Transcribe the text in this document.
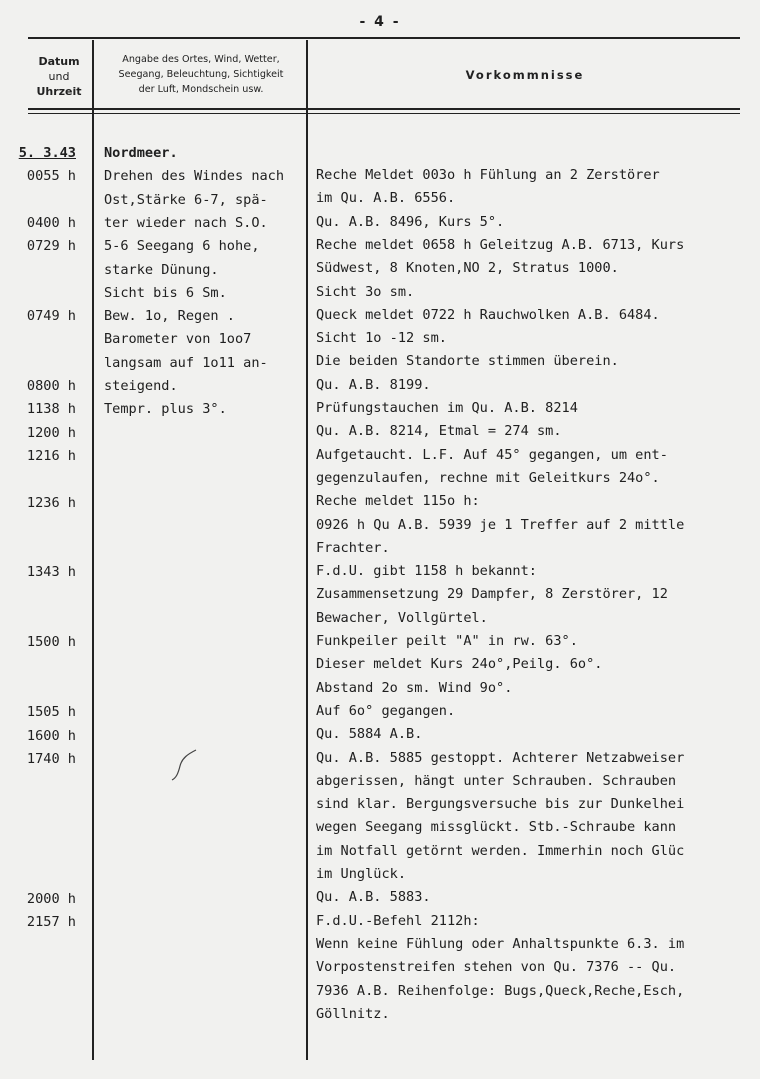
- 4 -
Datum
und
Uhrzeit
Angabe des Ortes, Wind, Wetter,
Seegang, Beleuchtung, Sichtigkeit
der Luft, Mondschein usw.
Vorkommnisse
5. 3.43
0055 h
0400 h
0729 h
0749 h
0800 h
1138 h
1200 h
1216 h
1236 h
1343 h
1500 h
1505 h
1600 h
1740 h
2000 h
2157 h
Nordmeer.
Drehen des Windes nach
Ost,Stärke 6-7, spä-
ter wieder nach S.O.
5-6 Seegang 6 hohe,
starke Dünung.
Sicht bis 6 Sm.
Bew. 1o, Regen .
Barometer von 1oo7
langsam auf 1o11 an-
steigend.
Tempr. plus 3°.
Reche Meldet 003o h Fühlung an 2 Zerstörer
im Qu. A.B. 6556.
Qu. A.B. 8496, Kurs 5°.
Reche meldet 0658 h Geleitzug A.B. 6713, Kurs
Südwest, 8 Knoten,NO 2, Stratus 1000.
Sicht 3o sm.
Queck meldet 0722 h Rauchwolken A.B. 6484.
Sicht 1o -12 sm.
Die beiden Standorte stimmen überein.
Qu. A.B. 8199.
Prüfungstauchen im Qu. A.B. 8214
Qu. A.B. 8214, Etmal = 274 sm.
Aufgetaucht. L.F. Auf 45° gegangen, um ent-
gegenzulaufen, rechne mit Geleitkurs 24o°.
Reche meldet 115o h:
0926 h Qu A.B. 5939 je 1 Treffer auf 2 mittle
Frachter.
F.d.U. gibt 1158 h bekannt:
Zusammensetzung 29 Dampfer, 8 Zerstörer, 12
Bewacher, Vollgürtel.
Funkpeiler peilt "A" in rw. 63°.
Dieser meldet Kurs 24o°,Peilg. 6o°.
Abstand 2o sm. Wind 9o°.
Auf 6o° gegangen.
Qu. 5884 A.B.
Qu. A.B. 5885 gestoppt. Achterer Netzabweiser
abgerissen, hängt unter Schrauben. Schrauben
sind klar. Bergungsversuche bis zur Dunkelhei
wegen Seegang missglückt. Stb.-Schraube kann
im Notfall getörnt werden. Immerhin noch Glüc
im Unglück.
Qu. A.B. 5883.
F.d.U.-Befehl 2112h:
Wenn keine Fühlung oder Anhaltspunkte 6.3. im
Vorpostenstreifen stehen von Qu. 7376 -- Qu.
7936 A.B. Reihenfolge: Bugs,Queck,Reche,Esch,
Göllnitz.
